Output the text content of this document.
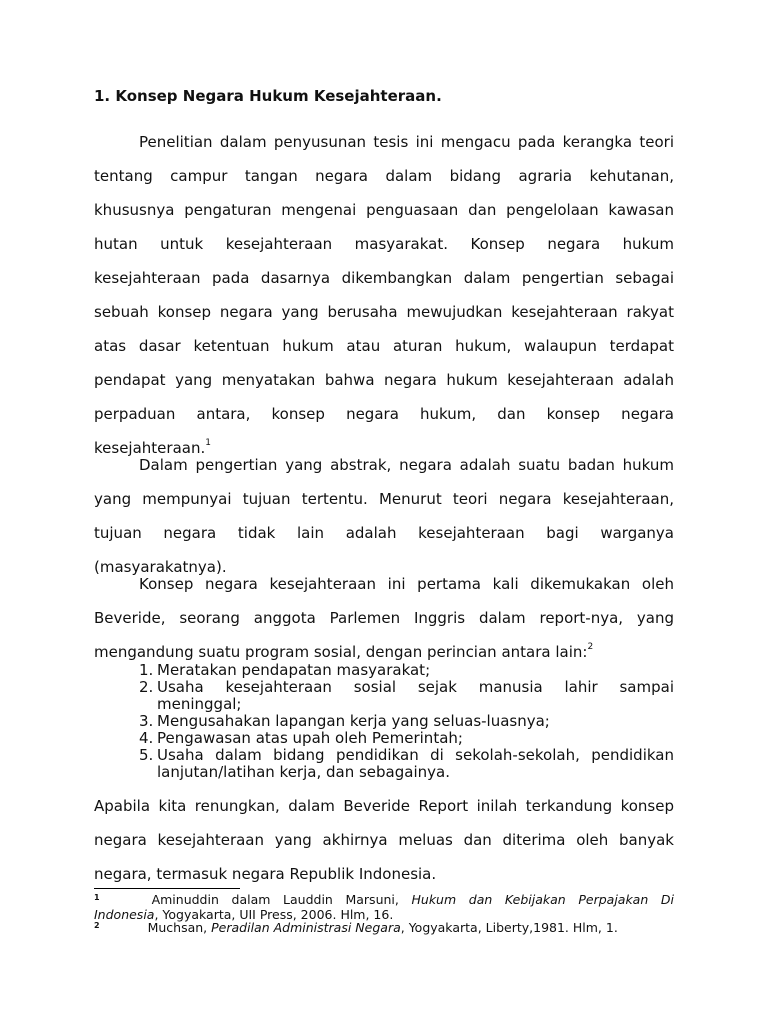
1. Konsep Negara Hukum Kesejahteraan.
Penelitian dalam penyusunan tesis ini mengacu pada kerangka teori
tentang campur tangan negara dalam bidang agraria kehutanan,
khususnya pengaturan mengenai penguasaan dan pengelolaan kawasan
hutan untuk kesejahteraan masyarakat. Konsep negara hukum
kesejahteraan pada dasarnya dikembangkan dalam pengertian sebagai
sebuah konsep negara yang berusaha mewujudkan kesejahteraan rakyat
atas dasar ketentuan hukum atau aturan hukum, walaupun terdapat
pendapat yang menyatakan bahwa negara hukum kesejahteraan adalah
perpaduan antara, konsep negara hukum, dan konsep negara
kesejahteraan.$^1$
Dalam pengertian yang abstrak, negara adalah suatu badan hukum
yang mempunyai tujuan tertentu. Menurut teori negara kesejahteraan,
tujuan negara tidak lain adalah kesejahteraan bagi warganya
(masyarakatnya).
Konsep negara kesejahteraan ini pertama kali dikemukakan oleh
Beveride, seorang anggota Parlemen Inggris dalam report-nya, yang
mengandung suatu program sosial, dengan perincian antara lain:$^2$
1. Meratakan pendapatan masyarakat;
2. Usaha kesejahteraan sosial sejak manusia lahir sampai
meninggal;
3. Mengusahakan lapangan kerja yang seluas-luasnya;
4. Pengawasan atas upah oleh Pemerintah;
5. Usaha dalam bidang pendidikan di sekolah-sekolah, pendidikan
lanjutan/latihan kerja, dan sebagainya.
Apabila kita renungkan, dalam Beveride Report inilah terkandung konsep
negara kesejahteraan yang akhirnya meluas dan diterima oleh banyak
negara, termasuk negara Republik Indonesia.
$^1$	Aminuddin dalam Lauddin Marsuni, Hukum dan Kebijakan Perpajakan Di
Indonesia, Yogyakarta, UII Press, 2006. Hlm, 16.
$^2$	Muchsan, Peradilan Administrasi Negara, Yogyakarta, Liberty,1981. Hlm, 1.
